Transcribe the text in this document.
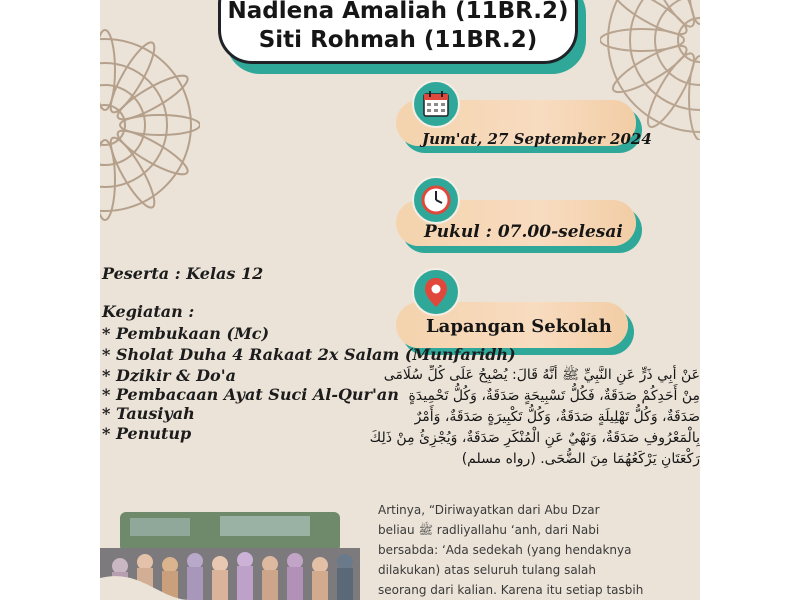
Nadlena Amaliah (11BR.2)
Siti Rohmah (11BR.2)
Jum'at, 27 September 2024
Pukul : 07.00-selesai
Lapangan Sekolah
Peserta : Kelas 12
Kegiatan :
* Pembukaan (Mc)
* Sholat Duha 4 Rakaat 2x Salam (Munfaridh)
* Dzikir & Do'a
* Pembacaan Ayat Suci Al-Qur'an
* Tausiyah
* Penutup
عَنْ أَبِي ذَرٍّ عَنِ النَّبِيِّ ﷺ أَنَّهُ قَالَ: يُصْبِحُ عَلَى كُلِّ سُلَامَى مِنْ أَحَدِكُمْ صَدَقَةٌ، فَكُلُّ تَسْبِيحَةٍ صَدَقَةٌ، وَكُلُّ تَحْمِيدَةٍ صَدَقَةٌ، وَكُلُّ تَهْلِيلَةٍ صَدَقَةٌ، وَكُلُّ تَكْبِيرَةٍ صَدَقَةٌ، وَأَمْرٌ بِالْمَعْرُوفِ صَدَقَةٌ، وَنَهْيٌ عَنِ الْمُنْكَرِ صَدَقَةٌ، وَيُجْزِئُ مِنْ ذَلِكَ رَكْعَتَانِ يَرْكَعُهُمَا مِنَ الضُّحَى. (رواه مسلم)
Artinya, “Diriwayatkan dari Abu Dzar
beliau ﷺ radliyallahu ‘anh, dari Nabi
bersabda: ‘Ada sedekah (yang hendaknya
dilakukan) atas seluruh tulang salah
seorang dari kalian. Karena itu setiap tasbih
